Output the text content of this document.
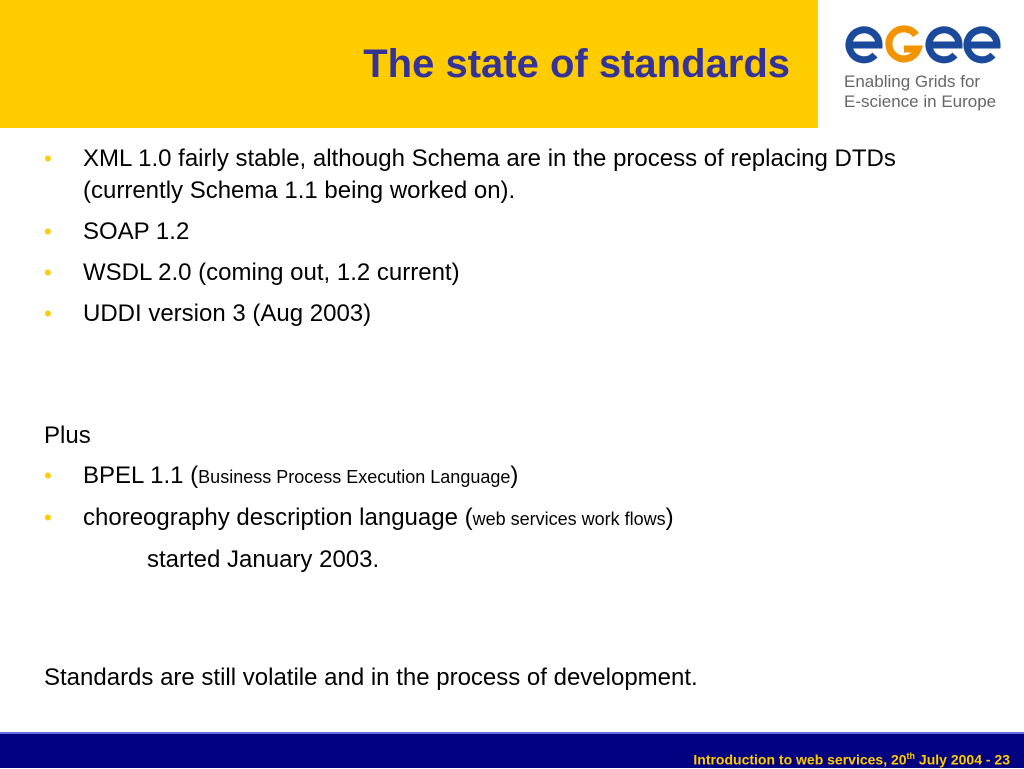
The state of standards	Enabling Grids for
E-science in Europe
• XML 1.0 fairly stable, although Schema are in the process of replacing DTDs (currently Schema 1.1 being worked on).
• SOAP 1.2
• WSDL 2.0 (coming out, 1.2 current)
• UDDI version 3 (Aug 2003)

Plus

• BPEL 1.1 (Business Process Execution Language)
• choreography description language (web services work flows)

started January 2003.

Standards are still volatile and in the process of development.

Introduction to web services, 20th July 2004 - 23
